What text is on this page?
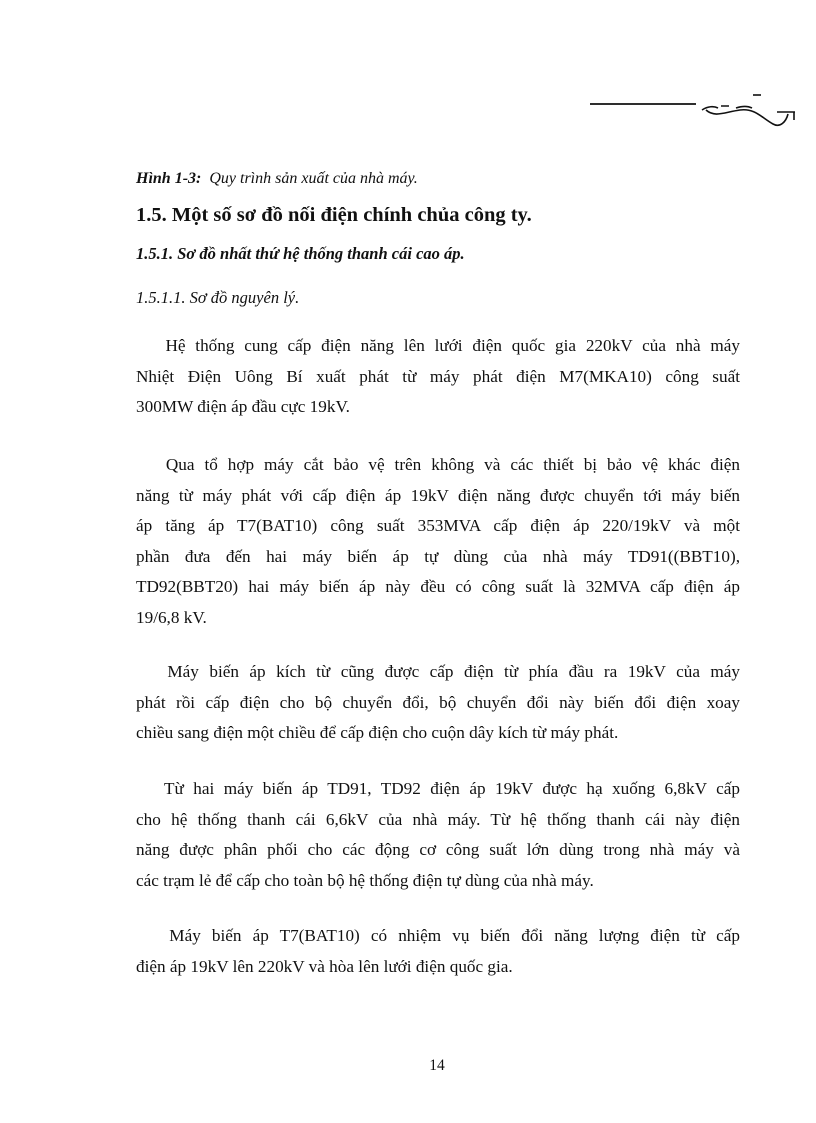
Hình 1-3: Quy trình sản xuất của nhà máy.
1.5. Một số sơ đồ nối điện chính chủa công ty.
1.5.1. Sơ đồ nhất thứ hệ thống thanh cái cao áp.
1.5.1.1. Sơ đồ nguyên lý.
Hệ thống cung cấp điện năng lên lưới điện quốc gia 220kV của nhà máy
Nhiệt Điện Uông Bí xuất phát từ máy phát điện M7(MKA10) công suất
300MW điện áp đầu cực 19kV.
Qua tổ hợp máy cắt bảo vệ trên không và các thiết bị bảo vệ khác điện
năng từ máy phát với cấp điện áp 19kV điện năng được chuyển tới máy biến
áp tăng áp T7(BAT10) công suất 353MVA cấp điện áp 220/19kV và một
phần đưa đến hai máy biến áp tự dùng của nhà máy TD91((BBT10),
TD92(BBT20) hai máy biến áp này đều có công suất là 32MVA cấp điện áp
19/6,8 kV.
Máy biến áp kích từ cũng được cấp điện từ phía đầu ra 19kV của máy
phát rồi cấp điện cho bộ chuyển đổi, bộ chuyển đổi này biến đổi điện xoay
chiều sang điện một chiều để cấp điện cho cuộn dây kích từ máy phát.
Từ hai máy biến áp TD91, TD92 điện áp 19kV được hạ xuống 6,8kV cấp
cho hệ thống thanh cái 6,6kV của nhà máy. Từ hệ thống thanh cái này điện
năng được phân phối cho các động cơ công suất lớn dùng trong nhà máy và
các trạm lẻ để cấp cho toàn bộ hệ thống điện tự dùng của nhà máy.
Máy biến áp T7(BAT10) có nhiệm vụ biến đổi năng lượng điện từ cấp
điện áp 19kV lên 220kV và hòa lên lưới điện quốc gia.
14
